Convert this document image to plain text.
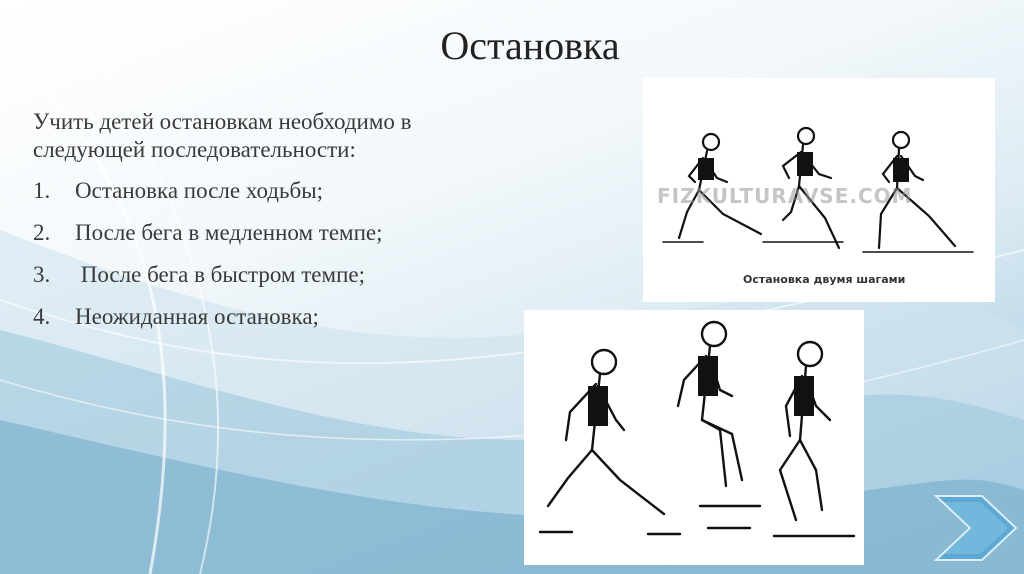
Остановка

Учить детей остановкам необходимо в следующей последовательности:

1. Остановка после ходьбы;
2. После бега в медленном темпе;
3. После бега в быстром темпе;
4. Неожиданная остановка;
FIZKULTURAVSE.COM
Остановка двумя шагами
